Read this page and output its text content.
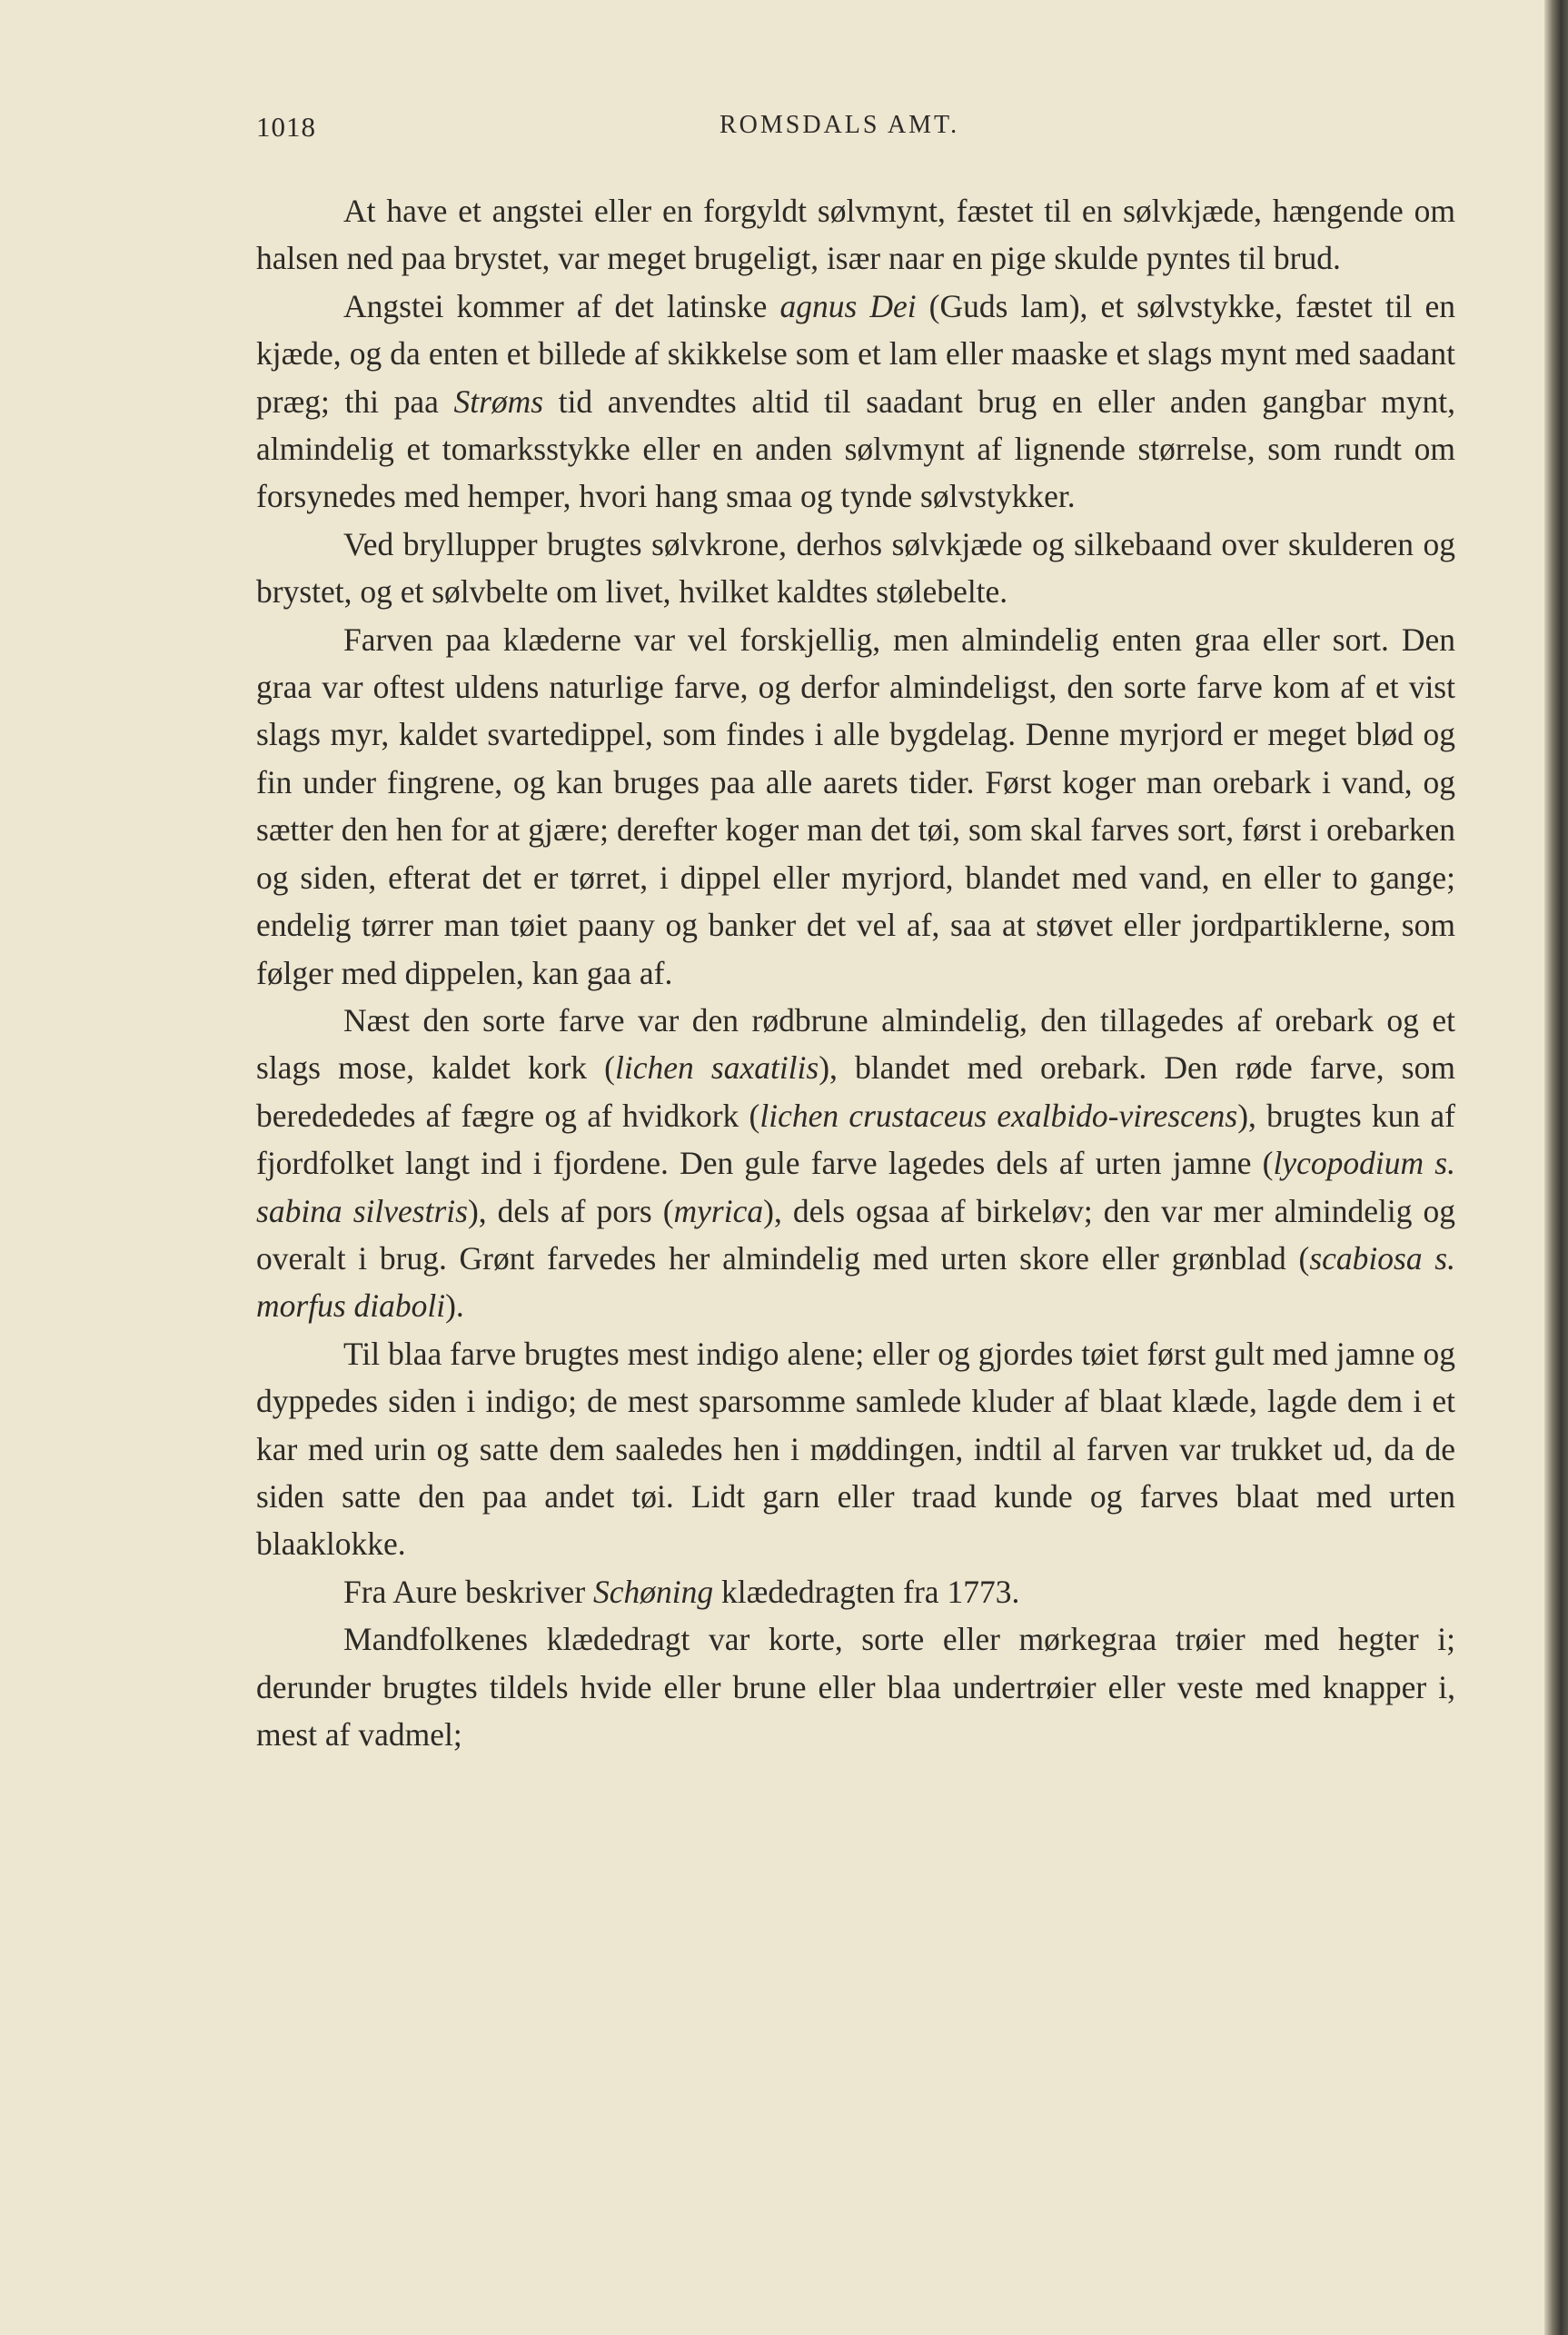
1018	ROMSDALS AMT.

At have et angstei eller en forgyldt sølvmynt, fæstet til en sølvkjæde, hængende om halsen ned paa brystet, var meget brugeligt, især naar en pige skulde pyntes til brud.

Angstei kommer af det latinske agnus Dei (Guds lam), et sølvstykke, fæstet til en kjæde, og da enten et billede af skikkelse som et lam eller maaske et slags mynt med saadant præg; thi paa Strøms tid anvendtes altid til saadant brug en eller anden gangbar mynt, almindelig et tomarksstykke eller en anden sølvmynt af lignende størrelse, som rundt om forsynedes med hemper, hvori hang smaa og tynde sølvstykker.

Ved bryllupper brugtes sølvkrone, derhos sølvkjæde og silkebaand over skulderen og brystet, og et sølvbelte om livet, hvilket kaldtes stølebelte.

Farven paa klæderne var vel forskjellig, men almindelig enten graa eller sort. Den graa var oftest uldens naturlige farve, og derfor almindeligst, den sorte farve kom af et vist slags myr, kaldet svartedippel, som findes i alle bygdelag. Denne myrjord er meget blød og fin under fingrene, og kan bruges paa alle aarets tider. Først koger man orebark i vand, og sætter den hen for at gjære; derefter koger man det tøi, som skal farves sort, først i orebarken og siden, efterat det er tørret, i dippel eller myrjord, blandet med vand, en eller to gange; endelig tørrer man tøiet paany og banker det vel af, saa at støvet eller jordpartiklerne, som følger med dippelen, kan gaa af.

Næst den sorte farve var den rødbrune almindelig, den tillagedes af orebark og et slags mose, kaldet kork (lichen saxatilis), blandet med orebark. Den røde farve, som beredededes af fægre og af hvidkork (lichen crustaceus exalbido-virescens), brugtes kun af fjordfolket langt ind i fjordene. Den gule farve lagedes dels af urten jamne (lycopodium s. sabina silvestris), dels af pors (myrica), dels ogsaa af birkeløv; den var mer almindelig og overalt i brug. Grønt farvedes her almindelig med urten skore eller grønblad (scabiosa s. morfus diaboli).

Til blaa farve brugtes mest indigo alene; eller og gjordes tøiet først gult med jamne og dyppedes siden i indigo; de mest sparsomme samlede kluder af blaat klæde, lagde dem i et kar med urin og satte dem saaledes hen i møddingen, indtil al farven var trukket ud, da de siden satte den paa andet tøi. Lidt garn eller traad kunde og farves blaat med urten blaaklokke.

Fra Aure beskriver Schøning klædedragten fra 1773.

Mandfolkenes klædedragt var korte, sorte eller mørkegraa trøier med hegter i; derunder brugtes tildels hvide eller brune eller blaa undertrøier eller veste med knapper i, mest af vadmel;
